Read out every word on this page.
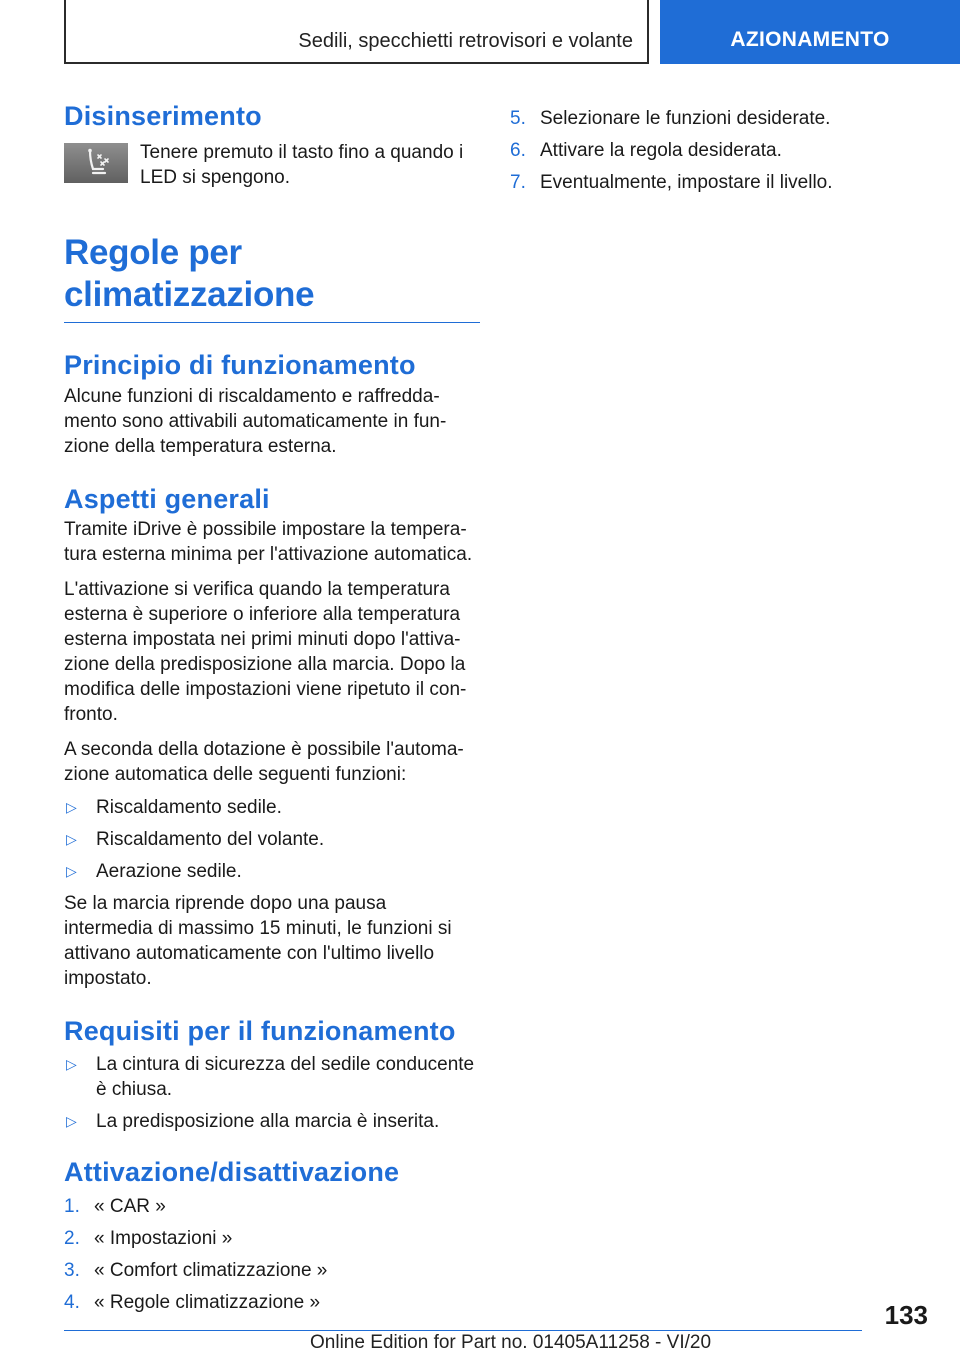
Sedili, specchietti retrovisori e volante	AZIONAMENTO
Disinserimento

Tenere premuto il tasto fino a quando i LED si spengono.

Regole per climatizzazione
Principio di funzionamento

Alcune funzioni di riscaldamento e raffreddamento sono attivabili automaticamente in funzione della temperatura esterna.

Aspetti generali

Tramite iDrive è possibile impostare la temperatura esterna minima per l'attivazione automatica.

L'attivazione si verifica quando la temperatura esterna è superiore o inferiore alla temperatura esterna impostata nei primi minuti dopo l'attivazione della predisposizione alla marcia. Dopo la modifica delle impostazioni viene ripetuto il confronto.

A seconda della dotazione è possibile l'automazione automatica delle seguenti funzioni:

▷	Riscaldamento sedile.
▷	Riscaldamento del volante.
▷	Aerazione sedile.

Se la marcia riprende dopo una pausa intermedia di massimo 15 minuti, le funzioni si attivano automaticamente con l'ultimo livello impostato.

Requisiti per il funzionamento
▷	La cintura di sicurezza del sedile conducente è chiusa.
▷	La predisposizione alla marcia è inserita.
Attivazione/disattivazione
1. « CAR »
2. « Impostazioni »
3. « Comfort climatizzazione »
4. « Regole climatizzazione »
5. Selezionare le funzioni desiderate.
6. Attivare la regola desiderata.
7. Eventualmente, impostare il livello.
133
Online Edition for Part no. 01405A11258 - VI/20
